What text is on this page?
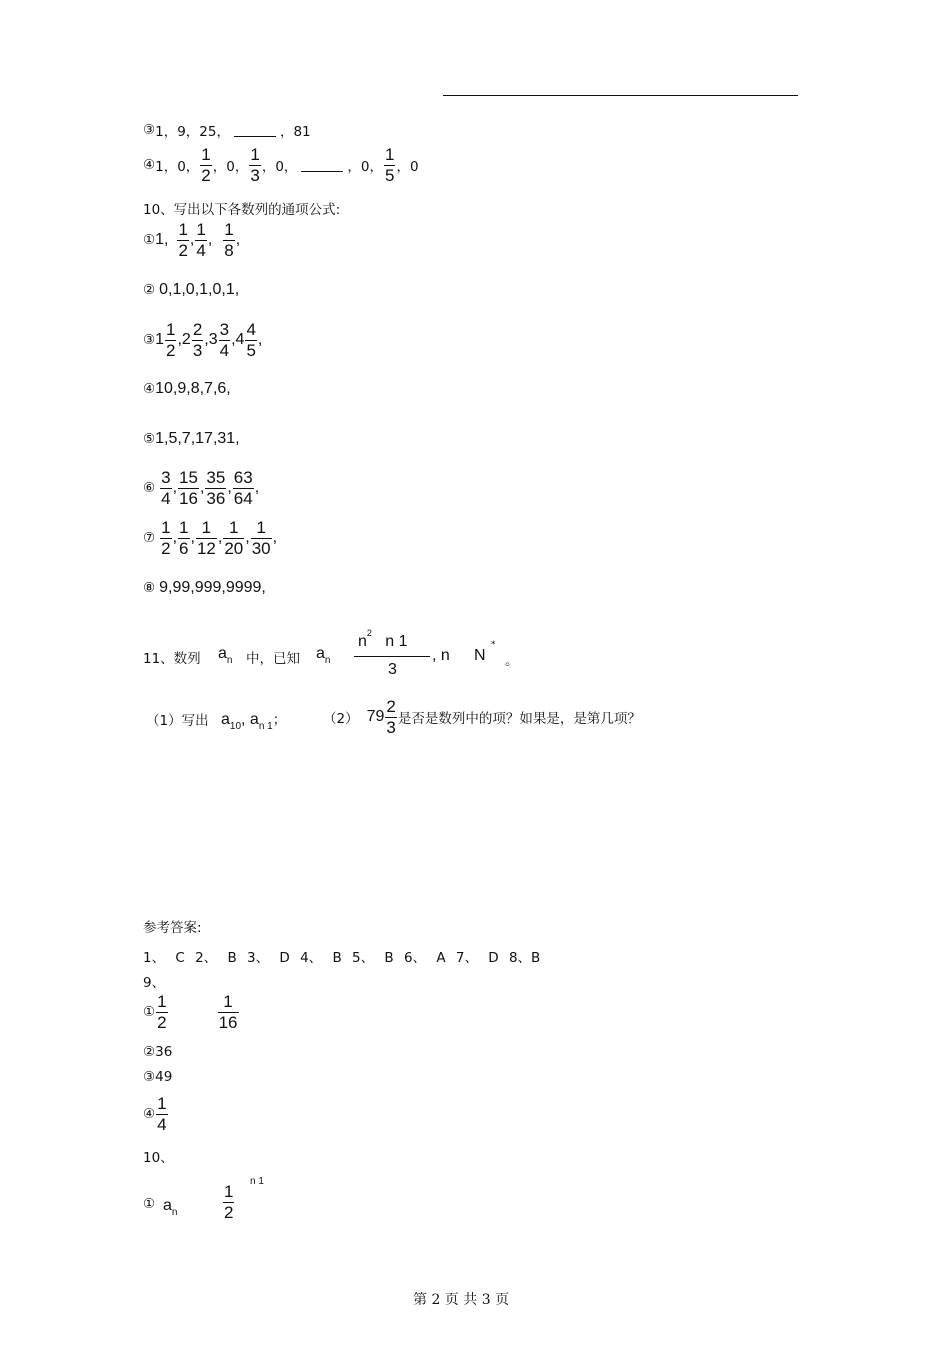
③ 1，9，25，	，81
④ 1，0， $\frac{1}{2}$ ，0， $\frac{1}{3}$ ，0，	，0， $\frac{1}{5}$ ，0
10、写出以下各数列的通项公式:
① 1, $\frac{1}{2}$ , $\frac{1}{4}$ , $\frac{1}{8}$ ,
② 0,1,0,1,0,1,
③ $1 \frac{1}{2} ,2 \frac{2}{3} ,3 \frac{3}{4} ,4 \frac{4}{5}$ ,
④ 10,9,8,7,6,
⑤ 1,5,7,17,31,
⑥ $\frac{3}{4}$ , $\frac{15}{16}$ , $\frac{35}{36}$ , $\frac{63}{64}$ ,
⑦ $\frac{1}{2}$ , $\frac{1}{6}$ , $\frac{1}{12}$ , $\frac{1}{20}$ , $\frac{1}{30}$ ,
⑧ 9,99,999,9999,
11、数列 $a_n$ 中，已知 $a_n$
$n^2$ n 1
3
, n N
*
。
（1）写出 $a_{10}$, $a_{n 1}$；	（2） $79 \frac{2}{3}$ 是否是数列中的项？如果是，是第几项？
参考答案:
1、 C 2、 B 3、 D 4、 B 5、 B 6、 A 7、 D 8、B
9、
① $\frac{1}{2}$	$\frac{1}{16}$
②36
③49
④ $\frac{1}{4}$
10、
① $a_n$	$\frac{1}{2}$
n 1
第 2 页 共 3 页
